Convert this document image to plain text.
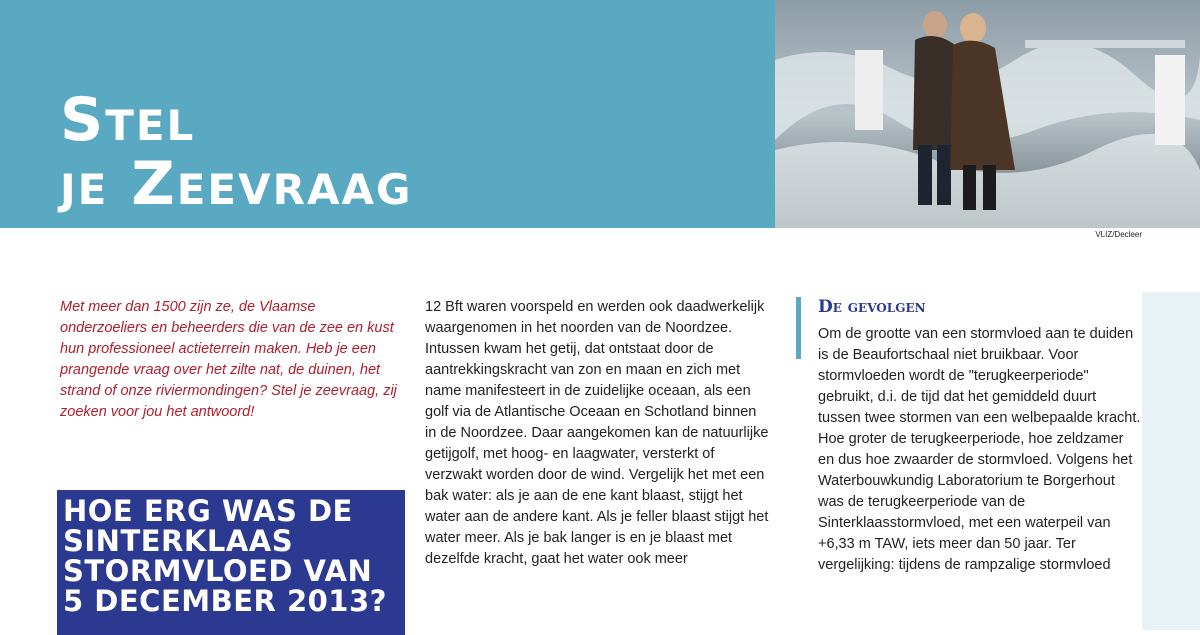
Stel
je Zeevraag
VLIZ/Decleer

Met meer dan 1500 zijn ze, de Vlaamse onderzoeliers en beheerders die van de zee en kust hun professioneel actieterrein maken. Heb je een prangende vraag over het zilte nat, de duinen, het strand of onze riviermondingen? Stel je zeevraag, zij zoeken voor jou het antwoord!

HOE ERG WAS DE SINTERKLAAS STORMVLOED VAN 5 DECEMBER 2013?

12 Bft waren voorspeld en werden ook daadwerkelijk waargenomen in het noorden van de Noordzee. Intussen kwam het getij, dat ontstaat door de aantrekkingskracht van zon en maan en zich met name manifesteert in de zuidelijke oceaan, als een golf via de Atlantische Oceaan en Schotland binnen in de Noordzee. Daar aangekomen kan de natuurlijke getijgolf, met hoog- en laagwater, versterkt of verzwakt worden door de wind. Vergelijk het met een bak water: als je aan de ene kant blaast, stijgt het water aan de andere kant. Als je feller blaast stijgt het water meer. Als je bak langer is en je blaast met dezelfde kracht, gaat het water ook meer

De gevolgen

Om de grootte van een stormvloed aan te duiden is de Beaufortschaal niet bruikbaar. Voor stormvloeden wordt de "terugkeerperiode" gebruikt, d.i. de tijd dat het gemiddeld duurt tussen twee stormen van een welbepaalde kracht. Hoe groter de terugkeerperiode, hoe zeldzamer en dus hoe zwaarder de stormvloed. Volgens het Waterbouwkundig Laboratorium te Borgerhout was de terugkeerperiode van de Sinterklaasstormvloed, met een waterpeil van +6,33 m TAW, iets meer dan 50 jaar. Ter vergelijking: tijdens de rampzalige stormvloed
